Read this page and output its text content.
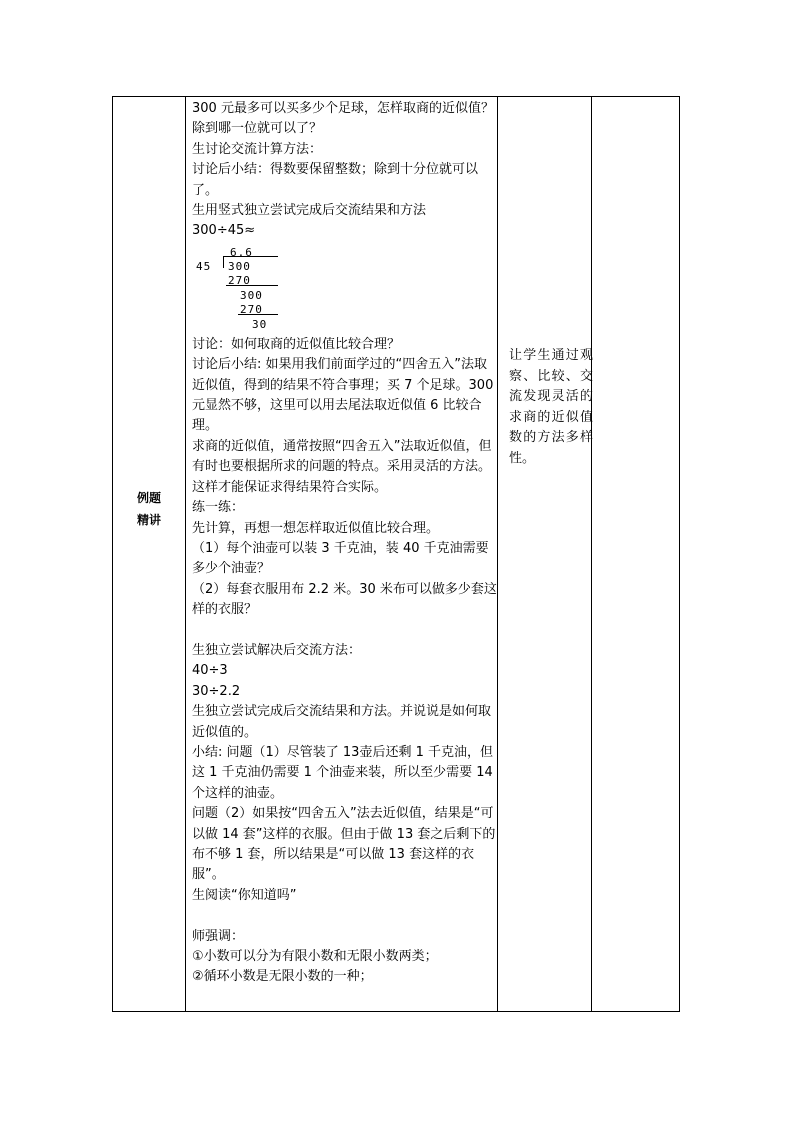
例题
精讲

300 元最多可以买多少个足球，怎样取商的近似值？除到哪一位就可以了？

生讨论交流计算方法：

讨论后小结：得数要保留整数；除到十分位就可以了。

生用竖式独立尝试完成后交流结果和方法

300÷45≈

6.6
45 300
270
300
270
30

讨论：如何取商的近似值比较合理？

讨论后小结: 如果用我们前面学过的“四舍五入”法取近似值，得到的结果不符合事理；买 7 个足球。300 元显然不够，这里可以用去尾法取近似值 6 比较合理。

求商的近似值，通常按照“四舍五入”法取近似值，但有时也要根据所求的问题的特点。采用灵活的方法。这样才能保证求得结果符合实际。

练一练：

先计算，再想一想怎样取近似值比较合理。

（1）每个油壶可以装 3 千克油，装 40 千克油需要多少个油壶？

（2）每套衣服用布 2.2 米。30 米布可以做多少套这样的衣服？

生独立尝试解决后交流方法：

40÷3

30÷2.2

生独立尝试完成后交流结果和方法。并说说是如何取近似值的。

小结: 问题（1）尽管装了 13壶后还剩 1 千克油，但这 1 千克油仍需要 1 个油壶来装，所以至少需要 14 个这样的油壶。

问题（2）如果按“四舍五入”法去近似值，结果是“可以做 14 套”这样的衣服。但由于做 13 套之后剩下的布不够 1 套，所以结果是“可以做 13 套这样的衣服”。

生阅读“你知道吗”

师强调：

①小数可以分为有限小数和无限小数两类；

②循环小数是无限小数的一种；

让学生通过观察、比较、交流发现灵活的求商的近似值数的方法多样性。
